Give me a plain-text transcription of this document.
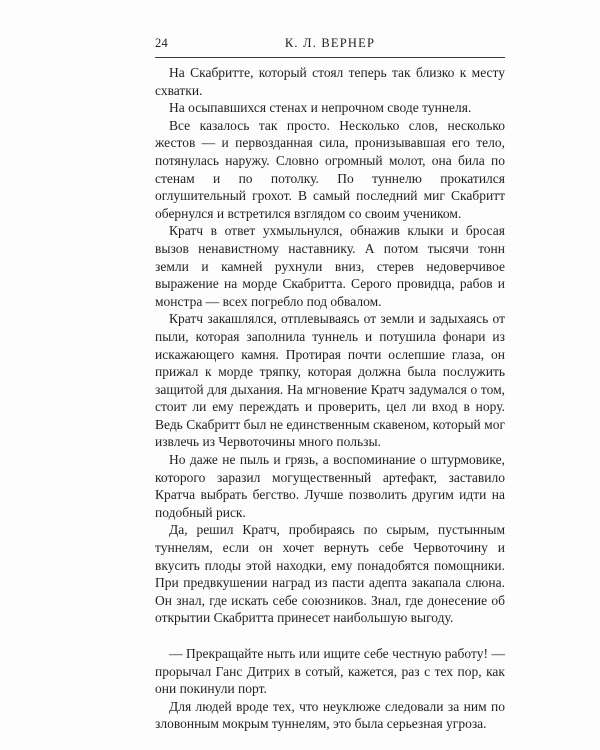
24	К. Л. ВЕРНЕР

На Скабритте, который стоял теперь так близко к месту схватки.

На осыпавшихся стенах и непрочном своде туннеля.

Все казалось так просто. Несколько слов, несколько жестов — и первозданная сила, пронизывавшая его тело, потянулась наружу. Словно огромный молот, она била по стенам и по потолку. По туннелю прокатился оглушительный грохот. В самый последний миг Скабритт обернулся и встретился взглядом со своим учеником.

Кратч в ответ ухмыльнулся, обнажив клыки и бросая вызов ненавистному наставнику. А потом тысячи тонн земли и камней рухнули вниз, стерев недоверчивое выражение на морде Скабритта. Серого провидца, рабов и монстра — всех погребло под обвалом.

Кратч закашлялся, отплевываясь от земли и задыхаясь от пыли, которая заполнила туннель и потушила фонари из искажающего камня. Протирая почти ослепшие глаза, он прижал к морде тряпку, которая должна была послужить защитой для дыхания. На мгновение Кратч задумался о том, стоит ли ему переждать и проверить, цел ли вход в нору. Ведь Скабритт был не единственным скавеном, который мог извлечь из Червоточины много пользы.

Но даже не пыль и грязь, а воспоминание о штурмовике, которого заразил могущественный артефакт, заставило Кратча выбрать бегство. Лучше позволить другим идти на подобный риск.

Да, решил Кратч, пробираясь по сырым, пустынным туннелям, если он хочет вернуть себе Червоточину и вкусить плоды этой находки, ему понадобятся помощники. При предвкушении наград из пасти адепта закапала слюна. Он знал, где искать себе союзников. Знал, где донесение об открытии Скабритта принесет наибольшую выгоду.

— Прекращайте ныть или ищите себе честную работу! — прорычал Ганс Дитрих в сотый, кажется, раз с тех пор, как они покинули порт.

Для людей вроде тех, что неуклюже следовали за ним по зловонным мокрым туннелям, это была серьезная угроза.
